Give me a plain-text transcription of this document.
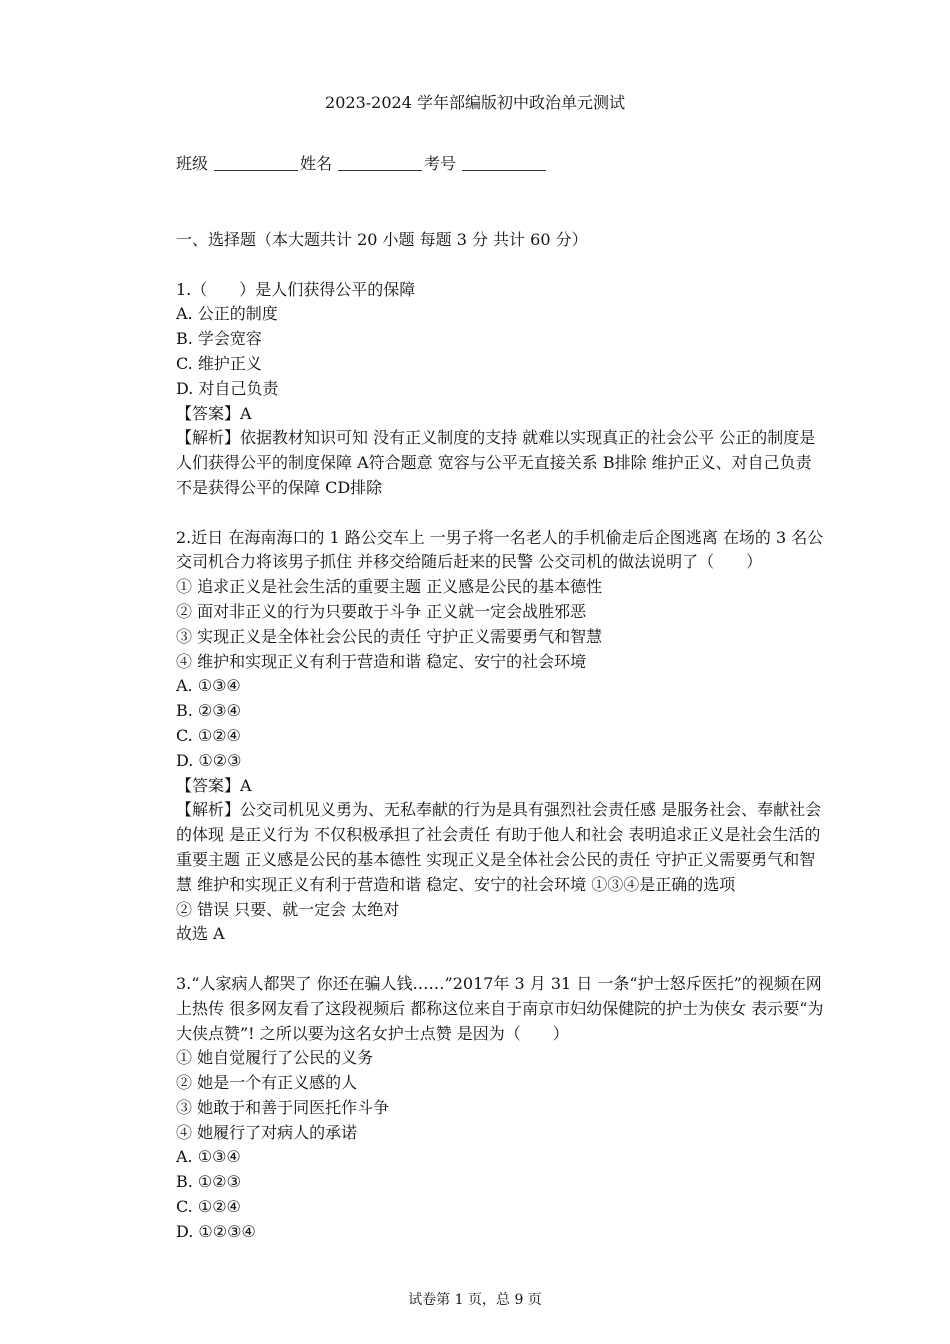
2023-2024 学年部编版初中政治单元测试
班级	姓名	考号

一、选择题（本大题共计 20 小题 每题 3 分 共计 60 分）

1.（　　）是人们获得公平的保障

A. 公正的制度

B. 学会宽容

C. 维护正义

D. 对自己负责

【答案】A

【解析】依据教材知识可知 没有正义制度的支持 就难以实现真正的社会公平 公正的制度是人们获得公平的制度保障 A符合题意 宽容与公平无直接关系 B排除 维护正义、对自己负责不是获得公平的保障 CD排除

2.近日 在海南海口的 1 路公交车上 一男子将一名老人的手机偷走后企图逃离 在场的 3 名公交司机合力将该男子抓住 并移交给随后赶来的民警 公交司机的做法说明了（　　）

① 追求正义是社会生活的重要主题 正义感是公民的基本德性

② 面对非正义的行为只要敢于斗争 正义就一定会战胜邪恶

③ 实现正义是全体社会公民的责任 守护正义需要勇气和智慧

④ 维护和实现正义有利于营造和谐 稳定、安宁的社会环境

A. ①③④

B. ②③④

C. ①②④

D. ①②③

【答案】A

【解析】公交司机见义勇为、无私奉献的行为是具有强烈社会责任感 是服务社会、奉献社会的体现 是正义行为 不仅积极承担了社会责任 有助于他人和社会 表明追求正义是社会生活的重要主题 正义感是公民的基本德性 实现正义是全体社会公民的责任 守护正义需要勇气和智慧 维护和实现正义有利于营造和谐 稳定、安宁的社会环境 ①③④是正确的选项

② 错误 只要、就一定会 太绝对

故选 A

3.“人家病人都哭了 你还在骗人钱……”2017年 3 月 31 日 一条“护士怒斥医托”的视频在网上热传 很多网友看了这段视频后 都称这位来自于南京市妇幼保健院的护士为侠女 表示要“为大侠点赞”! 之所以要为这名女护士点赞 是因为（　　）

① 她自觉履行了公民的义务

② 她是一个有正义感的人

③ 她敢于和善于同医托作斗争

④ 她履行了对病人的承诺

A. ①③④

B. ①②③

C. ①②④

D. ①②③④

试卷第 1 页，总 9 页
